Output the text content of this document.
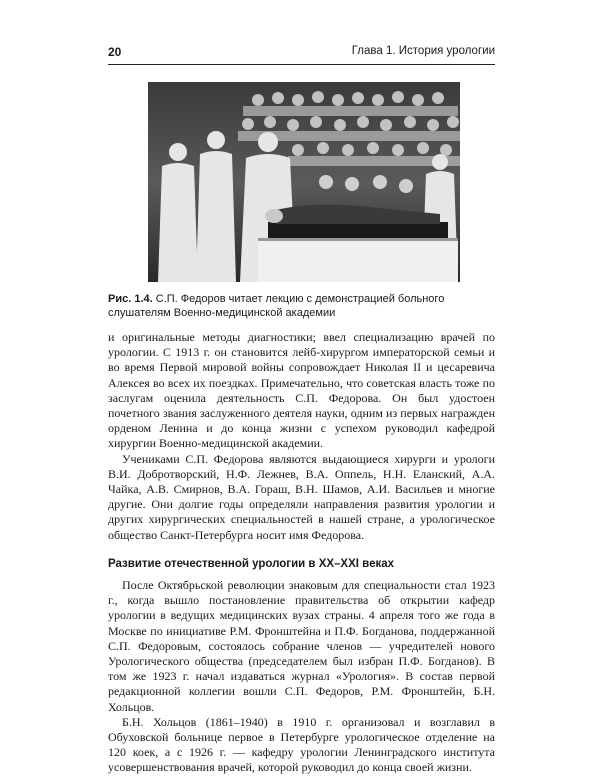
20	Глава 1. История урологии
Рис. 1.4. С.П. Федоров читает лекцию с демонстрацией больного слушателям Военно-медицинской академии

и оригинальные методы диагностики; ввел специализацию врачей по урологии. С 1913 г. он становится лейб-хирургом императорской семьи и во время Первой мировой войны сопровождает Николая II и цесаревича Алексея во всех их поездках. Примечательно, что советская власть тоже по заслугам оценила деятельность С.П. Федорова. Он был удостоен почетного звания заслуженного деятеля науки, одним из первых награжден орденом Ленина и до конца жизни с успехом руководил кафедрой хирургии Военно-медицинской академии.

Учениками С.П. Федорова являются выдающиеся хирурги и урологи В.И. Добротворский, Н.Ф. Лежнев, В.А. Оппель, Н.Н. Еланский, А.А. Чайка, А.В. Смирнов, В.А. Гораш, В.Н. Шамов, А.И. Васильев и многие другие. Они долгие годы определяли направления развития урологии и других хирургических специальностей в нашей стране, а урологическое общество Санкт-Петербурга носит имя Федорова.

Развитие отечественной урологии в XX–XXI веках

После Октябрьской революции знаковым для специальности стал 1923 г., когда вышло постановление правительства об открытии кафедр урологии в ведущих медицинских вузах страны. 4 апреля того же года в Москве по инициативе Р.М. Фронштейна и П.Ф. Богданова, поддержанной С.П. Федоровым, состоялось собрание членов — учредителей нового Урологического общества (председателем был избран П.Ф. Богданов). В том же 1923 г. начал издаваться журнал «Урология». В состав первой редакционной коллегии вошли С.П. Федоров, Р.М. Фронштейн, Б.Н. Хольцов.

Б.Н. Хольцов (1861–1940) в 1910 г. организовал и возглавил в Обуховской больнице первое в Петербурге урологическое отделение на 120 коек, а с 1926 г. — кафедру урологии Ленинградского института усовершенствования врачей, которой руководил до конца своей жизни.
